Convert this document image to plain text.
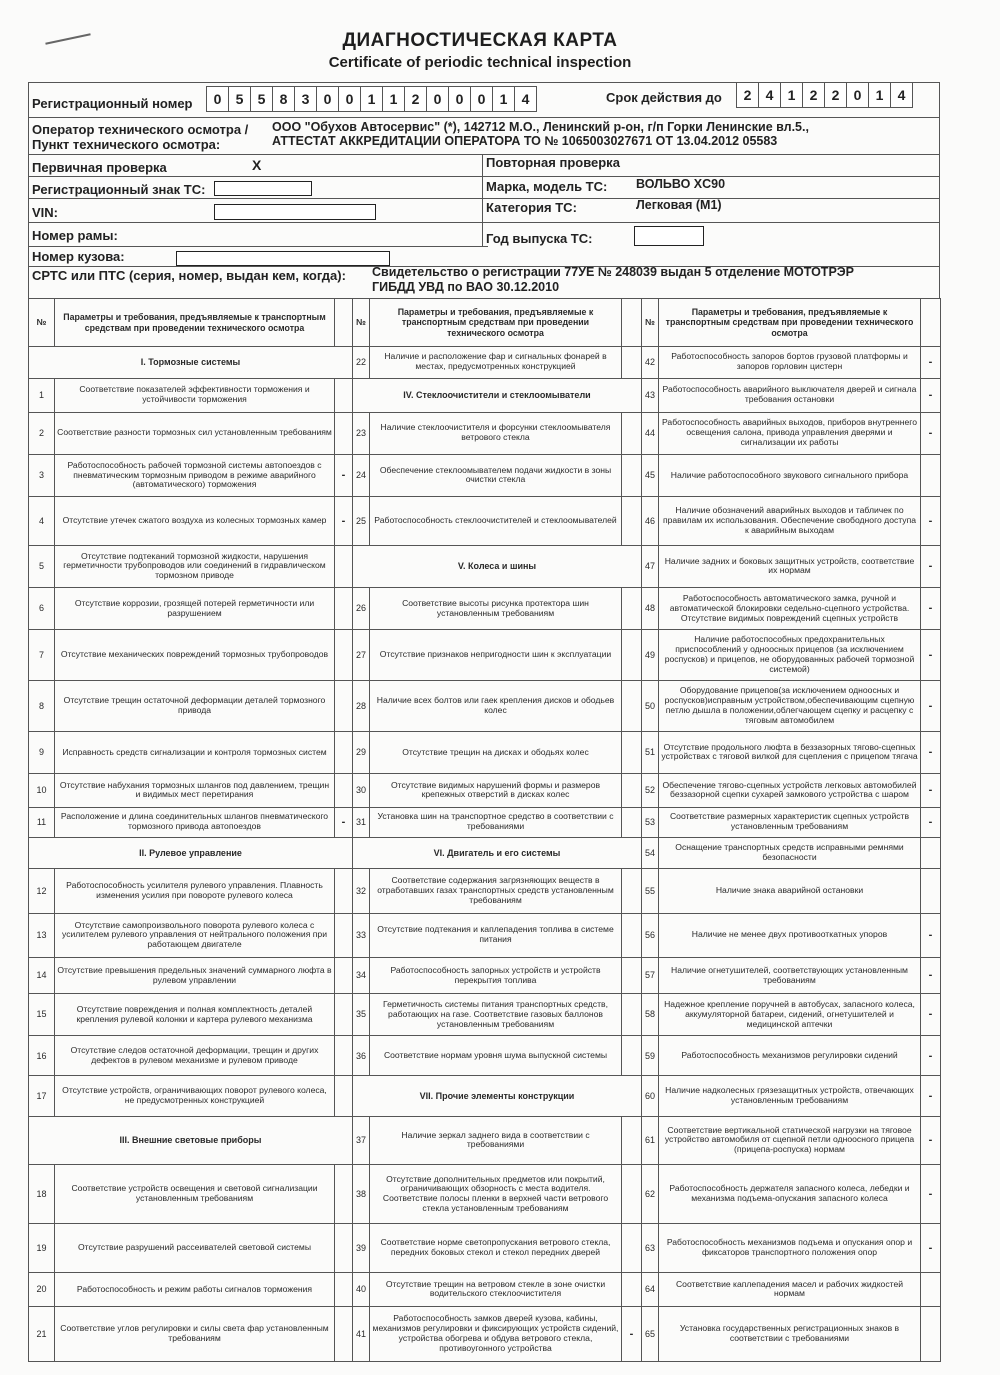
ДИАГНОСТИЧЕСКАЯ КАРТА
Certificate of periodic technical inspection
Регистрационный номер	0	5	5	8	3	0	0	1	1	2	0	0	0	1	4	Срок действия до	2	4	1	2	2	0	1	4
Оператор технического осмотра /
Пункт технического осмотра:
ООО "Обухов Автосервис" (*), 142712 М.О., Ленинский р-он, г/п Горки Ленинские вл.5.,
АТТЕСТАТ АККРЕДИТАЦИИ ОПЕРАТОРА ТО № 1065003027671 ОТ 13.04.2012 05583
Первичная проверка	X	Повторная проверка
Регистрационный знак ТС:	Марка, модель ТС: ВОЛЬВО XC90
VIN:	Категория ТС:	Легковая (М1)
Номер рамы:	Год выпуска ТС:
Номер кузова:
СРТС или ПТС (серия, номер, выдан кем, когда): Свидетельство о регистрации 77УЕ № 248039 выдан 5 отделение МОТОТРЭР
ГИБДД УВД по ВАО 30.12.2010
№	Параметры и требования, предъявляемые к транспортным средствам при проведении технического осмотра		№	Параметры и требования, предъявляемые к транспортным средствам при проведении технического осмотра		№	Параметры и требования, предъявляемые к транспортным средствам при проведении технического осмотра	
I. Тормозные системы			22	Наличие и расположение фар и сигнальных фонарей в местах, предусмотренных конструкцией		42	Работоспособность запоров бортов грузовой платформы и запоров горловин цистерн	-
1	Соответствие показателей эффективности торможения и устойчивости торможения		IV. Стеклоочистители и стеклоомыватели			43	Работоспособность аварийного выключателя дверей и сигнала требования остановки	-
2	Соответствие разности тормозных сил установленным требованиям		23	Наличие стеклоочистителя и форсунки стеклоомывателя ветрового стекла		44	Работоспособность аварийных выходов, приборов внутреннего освещения салона, привода управления дверями и сигнализации их работы	-
3	Работоспособность рабочей тормозной системы автопоездов с пневматическим тормозным приводом в режиме аварийного (автоматического) торможения	-	24	Обеспечение стеклоомывателем подачи жидкости в зоны очистки стекла		45	Наличие работоспособного звукового сигнального прибора	
4	Отсутствие утечек сжатого воздуха из колесных тормозных камер	-	25	Работоспособность стеклоочистителей и стеклоомывателей		46	Наличие обозначений аварийных выходов и табличек по правилам их использования. Обеспечение свободного доступа к аварийным выходам	-
5	Отсутствие подтеканий тормозной жидкости, нарушения герметичности трубопроводов или соединений в гидравлическом тормозном приводе		V. Колеса и шины			47	Наличие задних и боковых защитных устройств, соответствие их нормам	-
6	Отсутствие коррозии, грозящей потерей герметичности или разрушением		26	Соответствие высоты рисунка протектора шин установленным требованиям		48	Работоспособность автоматического замка, ручной и автоматической блокировки седельно-сцепного устройства. Отсутствие видимых повреждений сцепных устройств	-
7	Отсутствие механических повреждений тормозных трубопроводов		27	Отсутствие признаков непригодности шин к эксплуатации		49	Наличие работоспособных предохранительных приспособлений у одноосных прицепов (за исключением роспусков) и прицепов, не оборудованных рабочей тормозной системой)	-
8	Отсутствие трещин остаточной деформации деталей тормозного привода		28	Наличие всех болтов или гаек крепления дисков и ободьев колес		50	Оборудование прицепов(за исключением одноосных и роспусков)исправным устройством,обеспечивающим сцепную петлю дышла в положении,облегчающем сцепку и расцепку с тяговым автомобилем	-
9	Исправность средств сигнализации и контроля тормозных систем		29	Отсутствие трещин на дисках и ободьях колес		51	Отсутствие продольного люфта в беззазорных тягово-сцепных устройствах с тяговой вилкой для сцепления с прицепом тягача	-
10	Отсутствие набухания тормозных шлангов под давлением, трещин и видимых мест перетирания		30	Отсутствие видимых нарушений формы и размеров крепежных отверстий в дисках колес		52	Обеспечение тягово-сцепных устройств легковых автомобилей беззазорной сцепки сухарей замкового устройства с шаром	-
11	Расположение и длина соединительных шлангов пневматического тормозного привода автопоездов	-	31	Установка шин на транспортное средство в соответствии с требованиями		53	Соответствие размерных характеристик сцепных устройств установленным требованиям	-
II. Рулевое управление			VI. Двигатель и его системы			54	Оснащение транспортных средств исправными ремнями безопасности	
12	Работоспособность усилителя рулевого управления. Плавность изменения усилия при повороте рулевого колеса		32	Соответствие содержания загрязняющих веществ в отработавших газах транспортных средств установленным требованиям		55	Наличие знака аварийной остановки	
13	Отсутствие самопроизвольного поворота рулевого колеса с усилителем рулевого управления от нейтрального положения при работающем двигателе		33	Отсутствие подтекания и каплепадения топлива в системе питания		56	Наличие не менее двух противооткатных упоров	-
14	Отсутствие превышения предельных значений суммарного люфта в рулевом управлении		34	Работоспособность запорных устройств и устройств перекрытия топлива		57	Наличие огнетушителей, соответствующих установленным требованиям	-
15	Отсутствие повреждения и полная комплектность деталей крепления рулевой колонки и картера рулевого механизма		35	Герметичность системы питания транспортных средств, работающих на газе. Соответствие газовых баллонов установленным требованиям		58	Надежное крепление поручней в автобусах, запасного колеса, аккумуляторной батареи, сидений, огнетушителей и медицинской аптечки	-
16	Отсутствие следов остаточной деформации, трещин и других дефектов в рулевом механизме и рулевом приводе		36	Соответствие нормам уровня шума выпускной системы		59	Работоспособность механизмов регулировки сидений	-
17	Отсутствие устройств, ограничивающих поворот рулевого колеса, не предусмотренных конструкцией		VII. Прочие элементы конструкции			60	Наличие надколесных грязезащитных устройств, отвечающих установленным требованиям	-
III. Внешние световые приборы			37	Наличие зеркал заднего вида в соответствии с требованиями		61	Соответствие вертикальной статической нагрузки на тяговое устройство автомобиля от сцепной петли одноосного прицепа (прицепа-роспуска) нормам	-
18	Соответствие устройств освещения и световой сигнализации установленным требованиям		38	Отсутствие дополнительных предметов или покрытий, ограничивающих обзорность с места водителя. Соответствие полосы пленки в верхней части ветрового стекла установленным требованиям		62	Работоспособность держателя запасного колеса, лебедки и механизма подъема-опускания запасного колеса	-
19	Отсутствие разрушений рассеивателей световой системы		39	Соответствие норме светопропускания ветрового стекла, передних боковых стекол и стекол передних дверей		63	Работоспособность механизмов подъема и опускания опор и фиксаторов транспортного положения опор	-
20	Работоспособность и режим работы сигналов торможения		40	Отсутствие трещин на ветровом стекле в зоне очистки водительского стеклоочистителя		64	Соответствие каплепадения масел и рабочих жидкостей нормам	
21	Соответствие углов регулировки и силы света фар установленным требованиям		41	Работоспособность замков дверей кузова, кабины, механизмов регулировки и фиксирующих устройств сидений, устройства обогрева и обдува ветрового стекла, противоугонного устройства	-	65	Установка государственных регистрационных знаков в соответствии с требованиями	
